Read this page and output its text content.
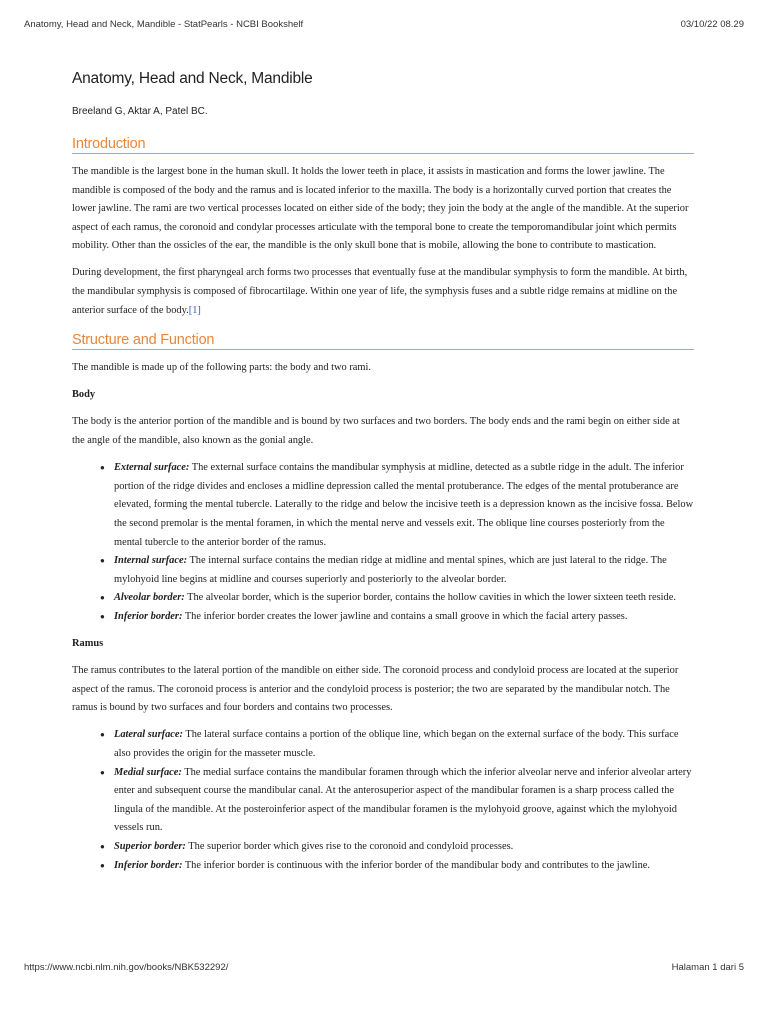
Anatomy, Head and Neck, Mandible - StatPearls - NCBI Bookshelf	03/10/22 08.29
Anatomy, Head and Neck, Mandible
Breeland G, Aktar A, Patel BC.
Introduction

The mandible is the largest bone in the human skull. It holds the lower teeth in place, it assists in mastication and forms the lower jawline. The mandible is composed of the body and the ramus and is located inferior to the maxilla. The body is a horizontally curved portion that creates the lower jawline. The rami are two vertical processes located on either side of the body; they join the body at the angle of the mandible. At the superior aspect of each ramus, the coronoid and condylar processes articulate with the temporal bone to create the temporomandibular joint which permits mobility. Other than the ossicles of the ear, the mandible is the only skull bone that is mobile, allowing the bone to contribute to mastication.

During development, the first pharyngeal arch forms two processes that eventually fuse at the mandibular symphysis to form the mandible. At birth, the mandibular symphysis is composed of fibrocartilage. Within one year of life, the symphysis fuses and a subtle ridge remains at midline on the anterior surface of the body.[1]

Structure and Function

The mandible is made up of the following parts: the body and two rami.

Body

The body is the anterior portion of the mandible and is bound by two surfaces and two borders. The body ends and the rami begin on either side at the angle of the mandible, also known as the gonial angle.

● External surface: The external surface contains the mandibular symphysis at midline, detected as a subtle ridge in the adult. The inferior portion of the ridge divides and encloses a midline depression called the mental protuberance. The edges of the mental protuberance are elevated, forming the mental tubercle. Laterally to the ridge and below the incisive teeth is a depression known as the incisive fossa. Below the second premolar is the mental foramen, in which the mental nerve and vessels exit. The oblique line courses posteriorly from the mental tubercle to the anterior border of the ramus.
● Internal surface: The internal surface contains the median ridge at midline and mental spines, which are just lateral to the ridge. The mylohyoid line begins at midline and courses superiorly and posteriorly to the alveolar border.
● Alveolar border: The alveolar border, which is the superior border, contains the hollow cavities in which the lower sixteen teeth reside.
● Inferior border: The inferior border creates the lower jawline and contains a small groove in which the facial artery passes.
Ramus

The ramus contributes to the lateral portion of the mandible on either side. The coronoid process and condyloid process are located at the superior aspect of the ramus. The coronoid process is anterior and the condyloid process is posterior; the two are separated by the mandibular notch. The ramus is bound by two surfaces and four borders and contains two processes.

● Lateral surface: The lateral surface contains a portion of the oblique line, which began on the external surface of the body. This surface also provides the origin for the masseter muscle.
● Medial surface: The medial surface contains the mandibular foramen through which the inferior alveolar nerve and inferior alveolar artery enter and subsequent course the mandibular canal. At the anterosuperior aspect of the mandibular foramen is a sharp process called the lingula of the mandible. At the posteroinferior aspect of the mandibular foramen is the mylohyoid groove, against which the mylohyoid vessels run.
● Superior border: The superior border which gives rise to the coronoid and condyloid processes.
● Inferior border: The inferior border is continuous with the inferior border of the mandibular body and contributes to the jawline.
https://www.ncbi.nlm.nih.gov/books/NBK532292/	Halaman 1 dari 5
